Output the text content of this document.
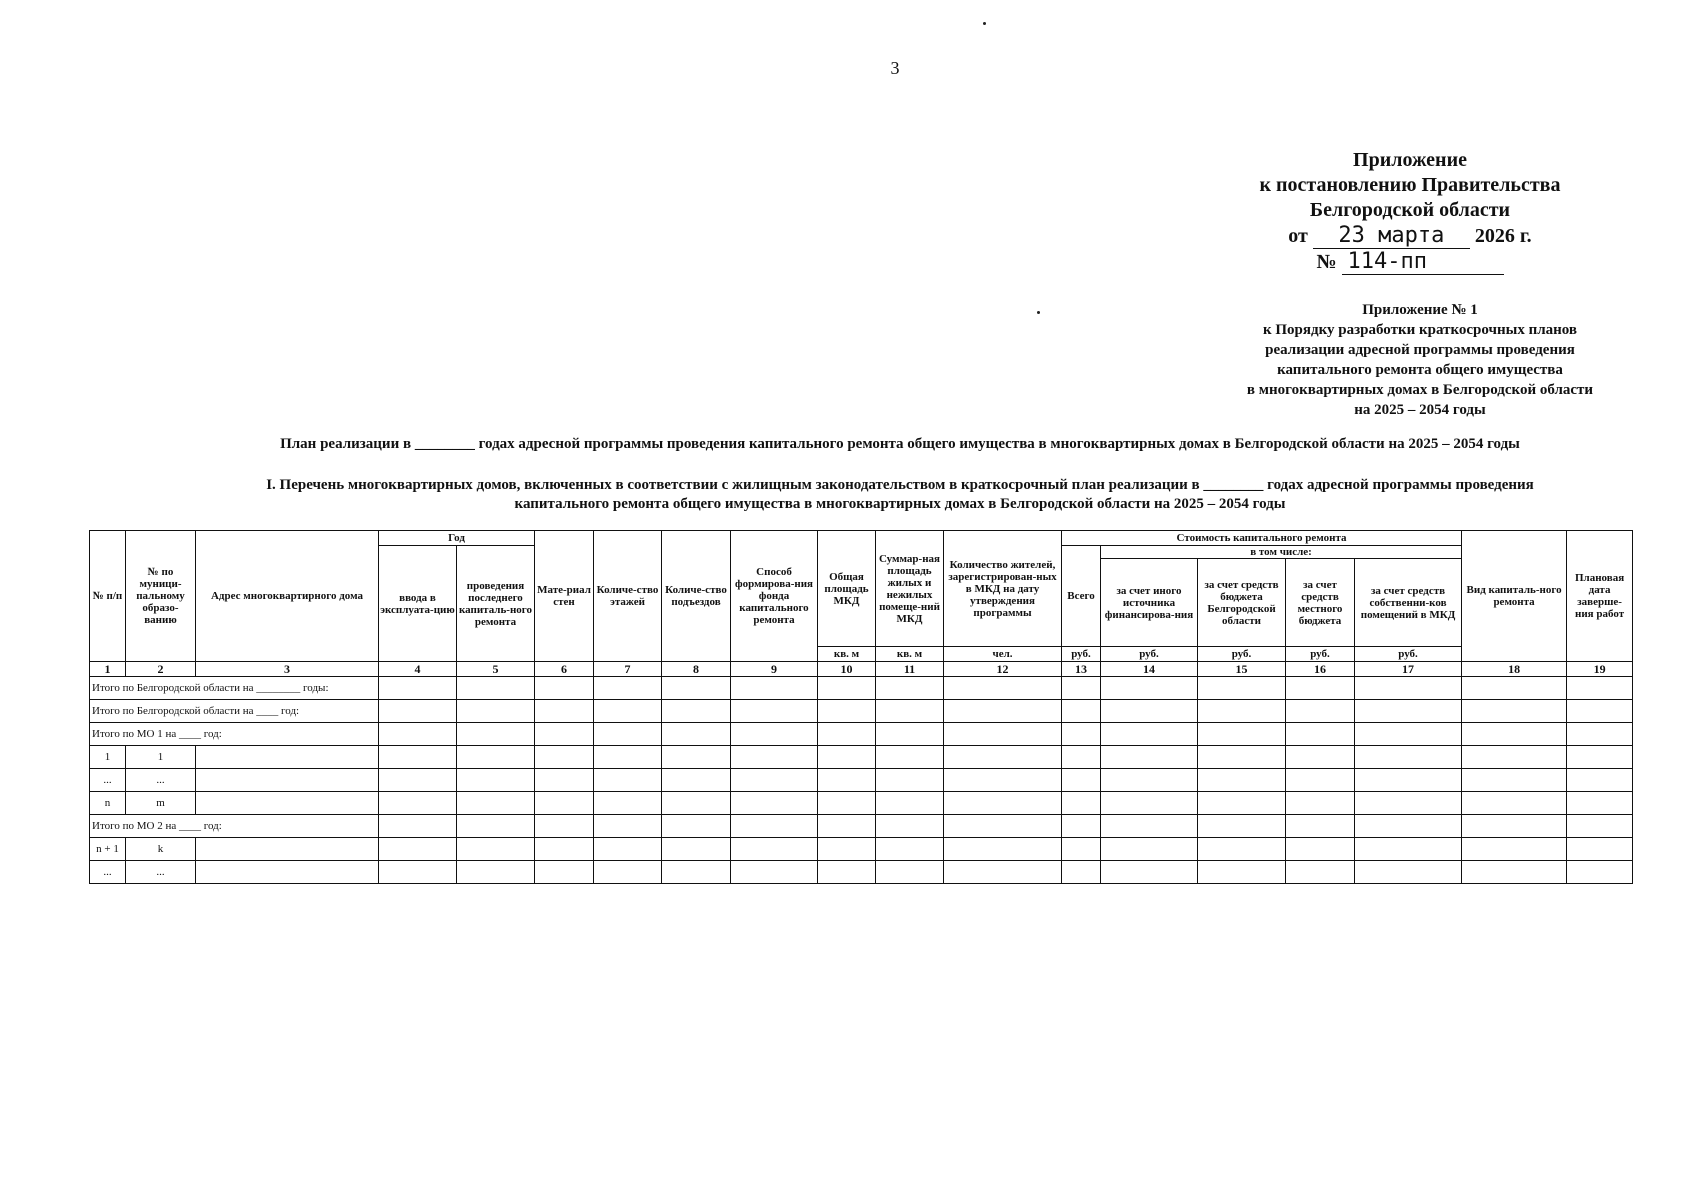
3
Приложение
к постановлению Правительства
Белгородской области
от 23 марта 2026 г.
№ 114-пп
Приложение № 1
к Порядку разработки краткосрочных планов
реализации адресной программы проведения
капитального ремонта общего имущества
в многоквартирных домах в Белгородской области
на 2025 – 2054 годы
План реализации в ________ годах адресной программы проведения капитального ремонта общего имущества в многоквартирных домах в Белгородской области на 2025 – 2054 годы
I. Перечень многоквартирных домов, включенных в соответствии с жилищным законодательством в краткосрочный план реализации в ________ годах адресной программы проведения
капитального ремонта общего имущества в многоквартирных домах в Белгородской области на 2025 – 2054 годы
№ п/п	№ по муници-пальному образо-ванию	Адрес многоквартирного дома	Год		Мате-риал стен	Количе-ство этажей	Количе-ство подъездов	Способ формирова-ния фонда капитального ремонта	Общая площадь МКД	Суммар-ная площадь жилых и нежилых помеще-ний МКД	Количество жителей, зарегистрирован-ных в МКД на дату утверждения программы	Стоимость капитального ремонта					Вид капиталь-ного ремонта	Плановая дата заверше-ния работ
			ввода в эксплуата-цию	проведения последнего капиталь-ного ремонта								Всего	в том числе:					
													за счет иного источника финансирова-ния	за счет средств бюджета Белгородской области	за счет средств местного бюджета	за счет средств собственни-ков помещений в МКД		
									кв. м	кв. м	чел.	руб.	руб.	руб.	руб.	руб.		
1	2	3	4	5	6	7	8	9	10	11	12	13	14	15	16	17	18	19
Итого по Белгородской области на ________ годы:																		
Итого по Белгородской области на ____ год:																		
Итого по МО 1 на ____ год:																		
1	1																	
...	...																	
n	m																	
Итого по МО 2 на ____ год:																		
n + 1	k																	
...	...																	
